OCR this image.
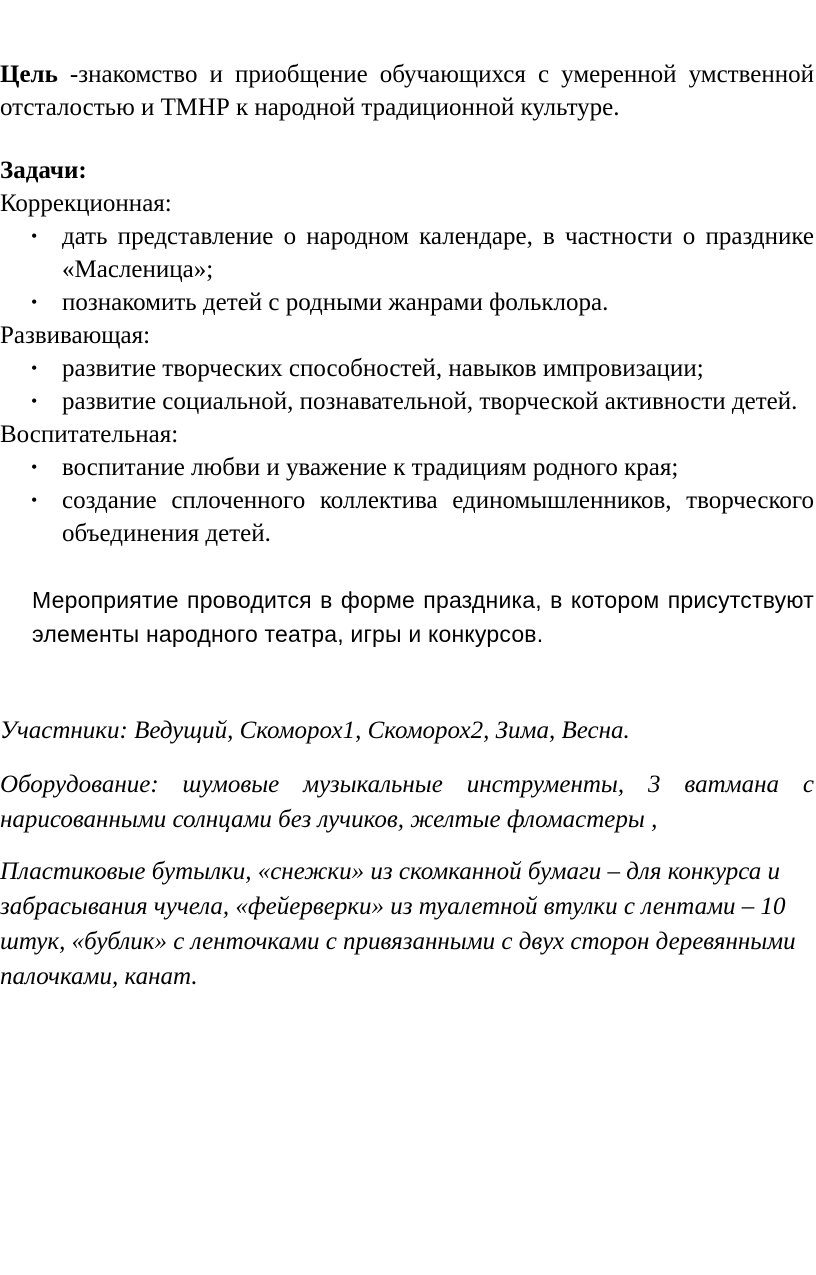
Цель -знакомство и приобщение обучающихся с умеренной умственной отсталостью и ТМНР к народной традиционной культуре.

Задачи:

Коррекционная:

• дать представление о народном календаре, в частности о празднике «Масленица»;
• познакомить детей с родными жанрами фольклора.

Развивающая:

• развитие творческих способностей, навыков импровизации;
• развитие социальной, познавательной, творческой активности детей.

Воспитательная:

• воспитание любви и уважение к традициям родного края;
• создание сплоченного коллектива единомышленников, творческого объединения детей.

Мероприятие проводится в форме праздника, в котором присутствуют элементы народного театра, игры и конкурсов.

Участники: Ведущий, Скоморох1, Скоморох2, Зима, Весна.

Оборудование: шумовые музыкальные инструменты, 3 ватмана с нарисованными солнцами без лучиков, желтые фломастеры ,

Пластиковые бутылки, «снежки» из скомканной бумаги – для конкурса и забрасывания чучела, «фейерверки» из туалетной втулки с лентами – 10 штук, «бублик» с ленточками с привязанными с двух сторон деревянными палочками, канат.
